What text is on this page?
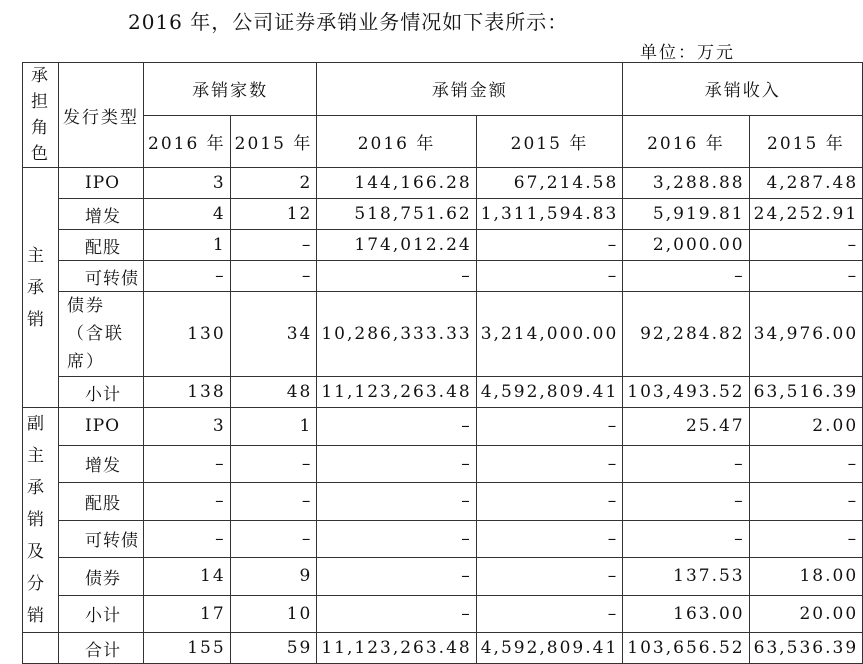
2016 年，公司证券承销业务情况如下表所示：
单位：万元
承担角色	发行类型	承销家数		承销金额		承销收入	
		2016 年	2015 年	2016 年	2015 年	2016 年	2015 年
主承销	IPO	3	2	144,166.28	67,214.58	3,288.88	4,287.48
	增发	4	12	518,751.62	1,311,594.83	5,919.81	24,252.91
	配股	1	–	174,012.24	–	2,000.00	–
	可转债	–	–	–	–	–	–
	债券（含联席）	130	34	10,286,333.33	3,214,000.00	92,284.82	34,976.00
	小计	138	48	11,123,263.48	4,592,809.41	103,493.52	63,516.39
副主承销及分销	IPO	3	1	–	–	25.47	2.00
	增发	–	–	–	–	–	–
	配股	–	–	–	–	–	–
	可转债	–	–	–	–	–	–
	债券	14	9	–	–	137.53	18.00
	小计	17	10	–	–	163.00	20.00
	合计	155	59	11,123,263.48	4,592,809.41	103,656.52	63,536.39
